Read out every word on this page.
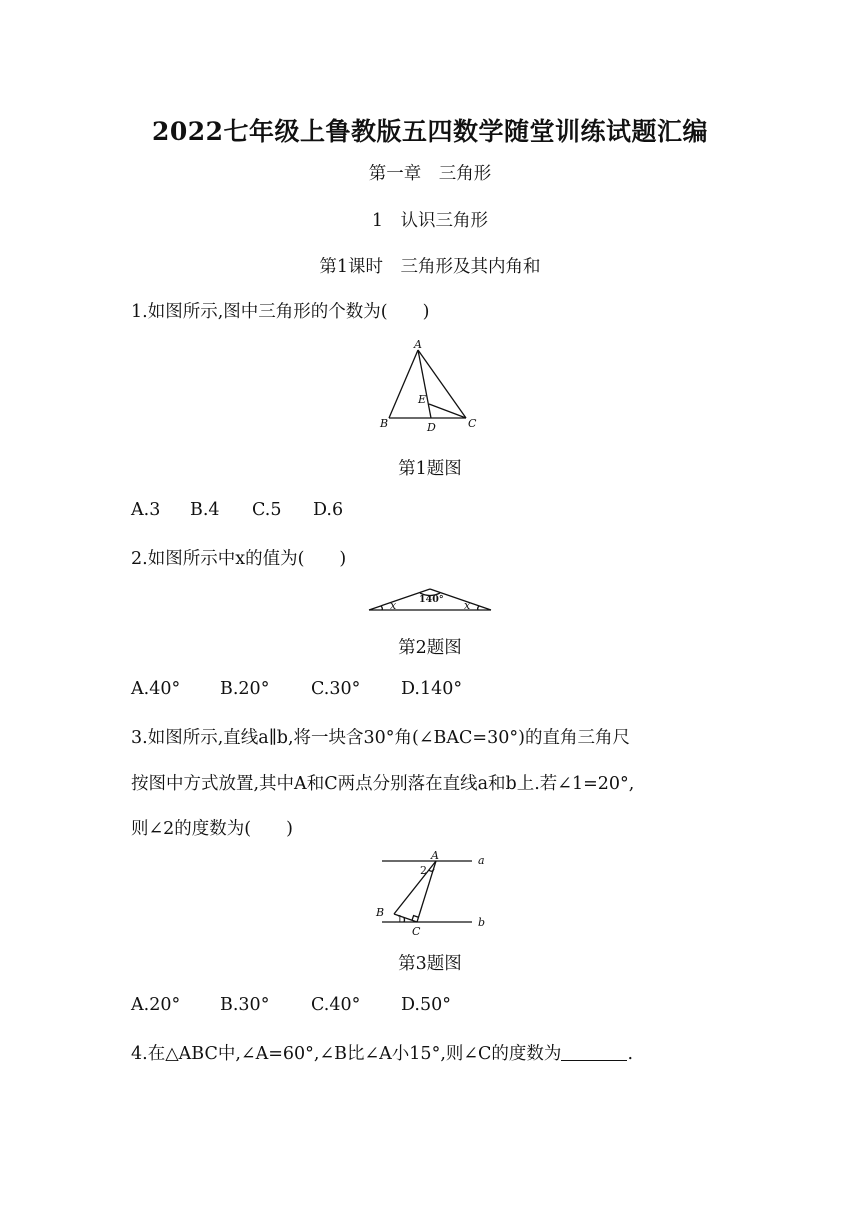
2022七年级上鲁教版五四数学随堂训练试题汇编
第一章　三角形
1　认识三角形
第1课时　三角形及其内角和
1.如图所示,图中三角形的个数为(　　)
A
B	C
D
E
第1题图
A.3 B.4 C.5 D.6
2.如图所示中x的值为(　　)
140°
x	x
第2题图
A.40° B.20° C.30° D.140°
3.如图所示,直线a∥b,将一块含30°角(∠BAC=30°)的直角三角尺
按图中方式放置,其中A和C两点分别落在直线a和b上.若∠1=20°,
则∠2的度数为(　　)
A
B
C
a
b
1
2
第3题图
A.20° B.30° C.40° D.50°
4.在△ABC中,∠A=60°,∠B比∠A小15°,则∠C的度数为	.
